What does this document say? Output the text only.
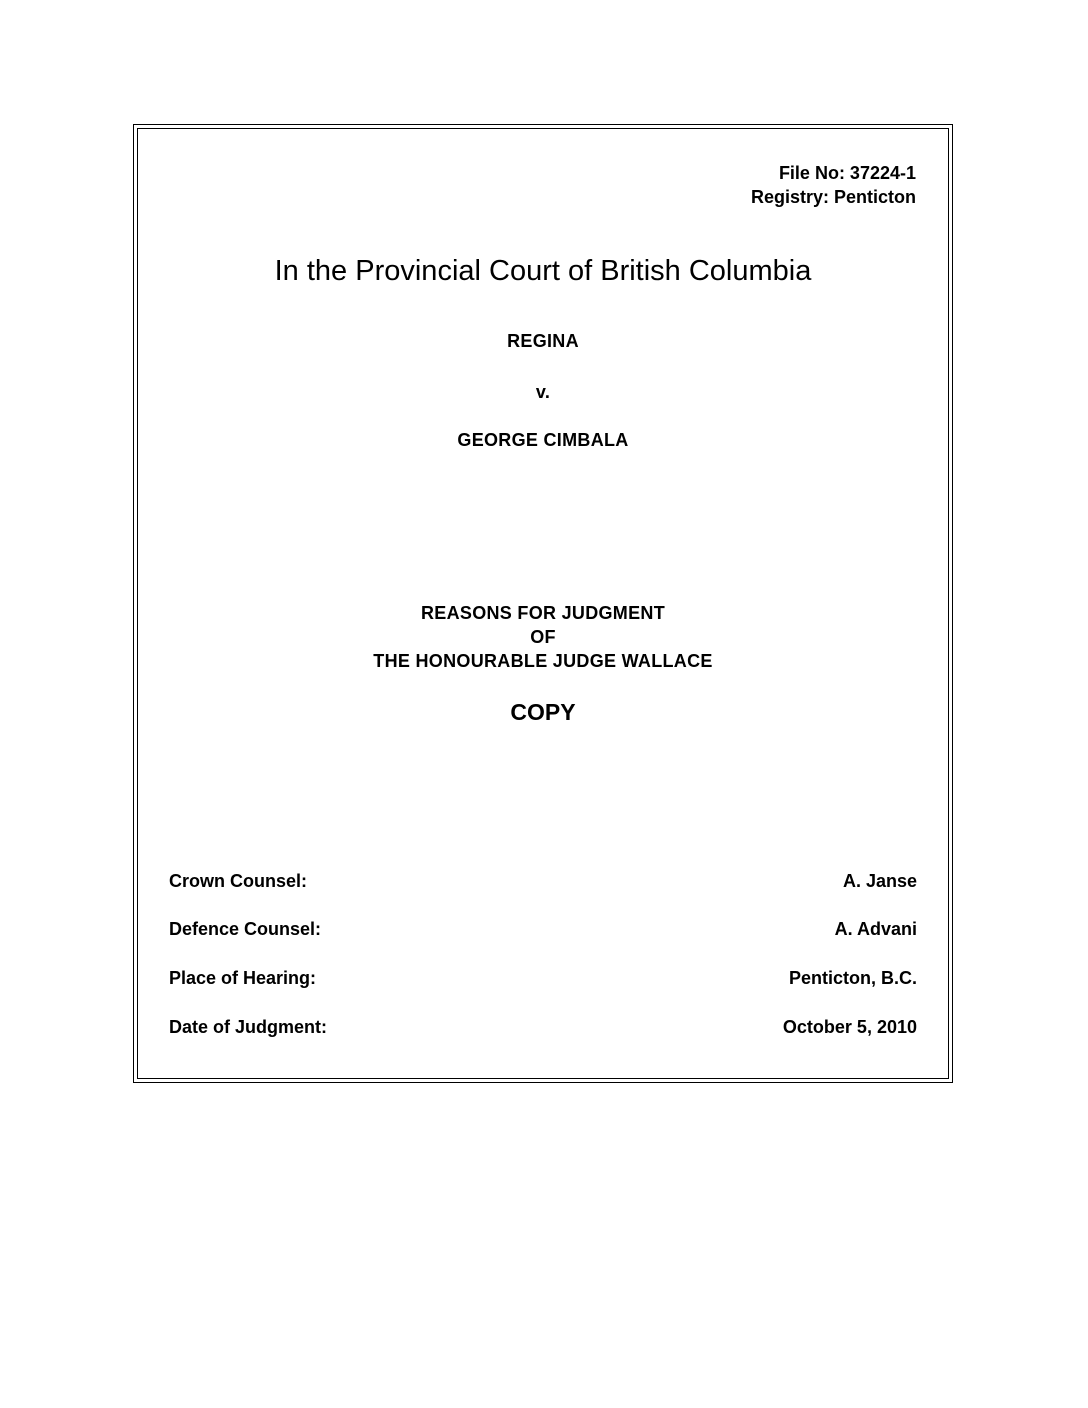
File No: 37224-1
Registry: Penticton
In the Provincial Court of British Columbia
REGINA
v.
GEORGE CIMBALA
REASONS FOR JUDGMENT
OF
THE HONOURABLE JUDGE WALLACE
COPY
Crown Counsel:	A. Janse
Defence Counsel:	A. Advani
Place of Hearing:	Penticton, B.C.
Date of Judgment:	October 5, 2010
